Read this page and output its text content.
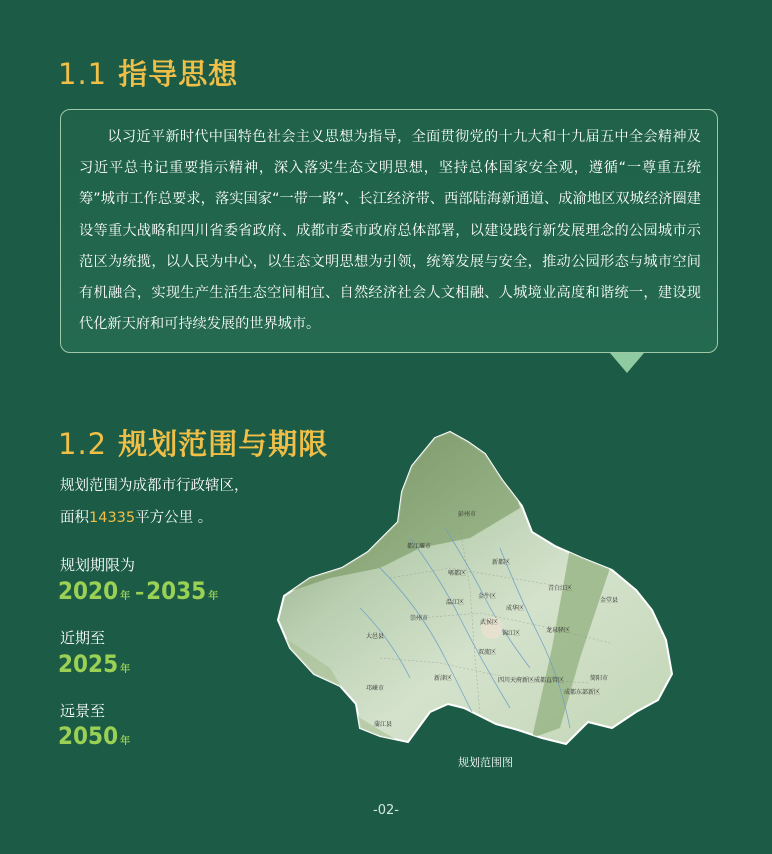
1.1 指导思想

以习近平新时代中国特色社会主义思想为指导，全面贯彻党的十九大和十九届五中全会精神及习近平总书记重要指示精神，深入落实生态文明思想，坚持总体国家安全观，遵循“一尊重五统筹”城市工作总要求，落实国家“一带一路”、长江经济带、西部陆海新通道、成渝地区双城经济圈建设等重大战略和四川省委省政府、成都市委市政府总体部署，以建设践行新发展理念的公园城市示范区为统揽，以人民为中心，以生态文明思想为引领，统筹发展与安全，推动公园形态与城市空间有机融合，实现生产生活生态空间相宜、自然经济社会人文相融、人城境业高度和谐统一，建设现代化新天府和可持续发展的世界城市。

1.2 规划范围与期限
规划范围为成都市行政辖区，
面积14335平方公里 。
规划期限为
2020 年 –2035 年
近期至
2025 年
远景至
2050 年
彭州市
都江堰市
郫都区
新都区
青白江区
金堂县
温江区
金牛区
成华区
崇州市
大邑县
龙泉驿区
武侯区
锦江区
双流区
新津区	简阳市
四川天府新区成都直管区
成都东部新区
邛崃市
蒲江县
规划范围图
-02-
